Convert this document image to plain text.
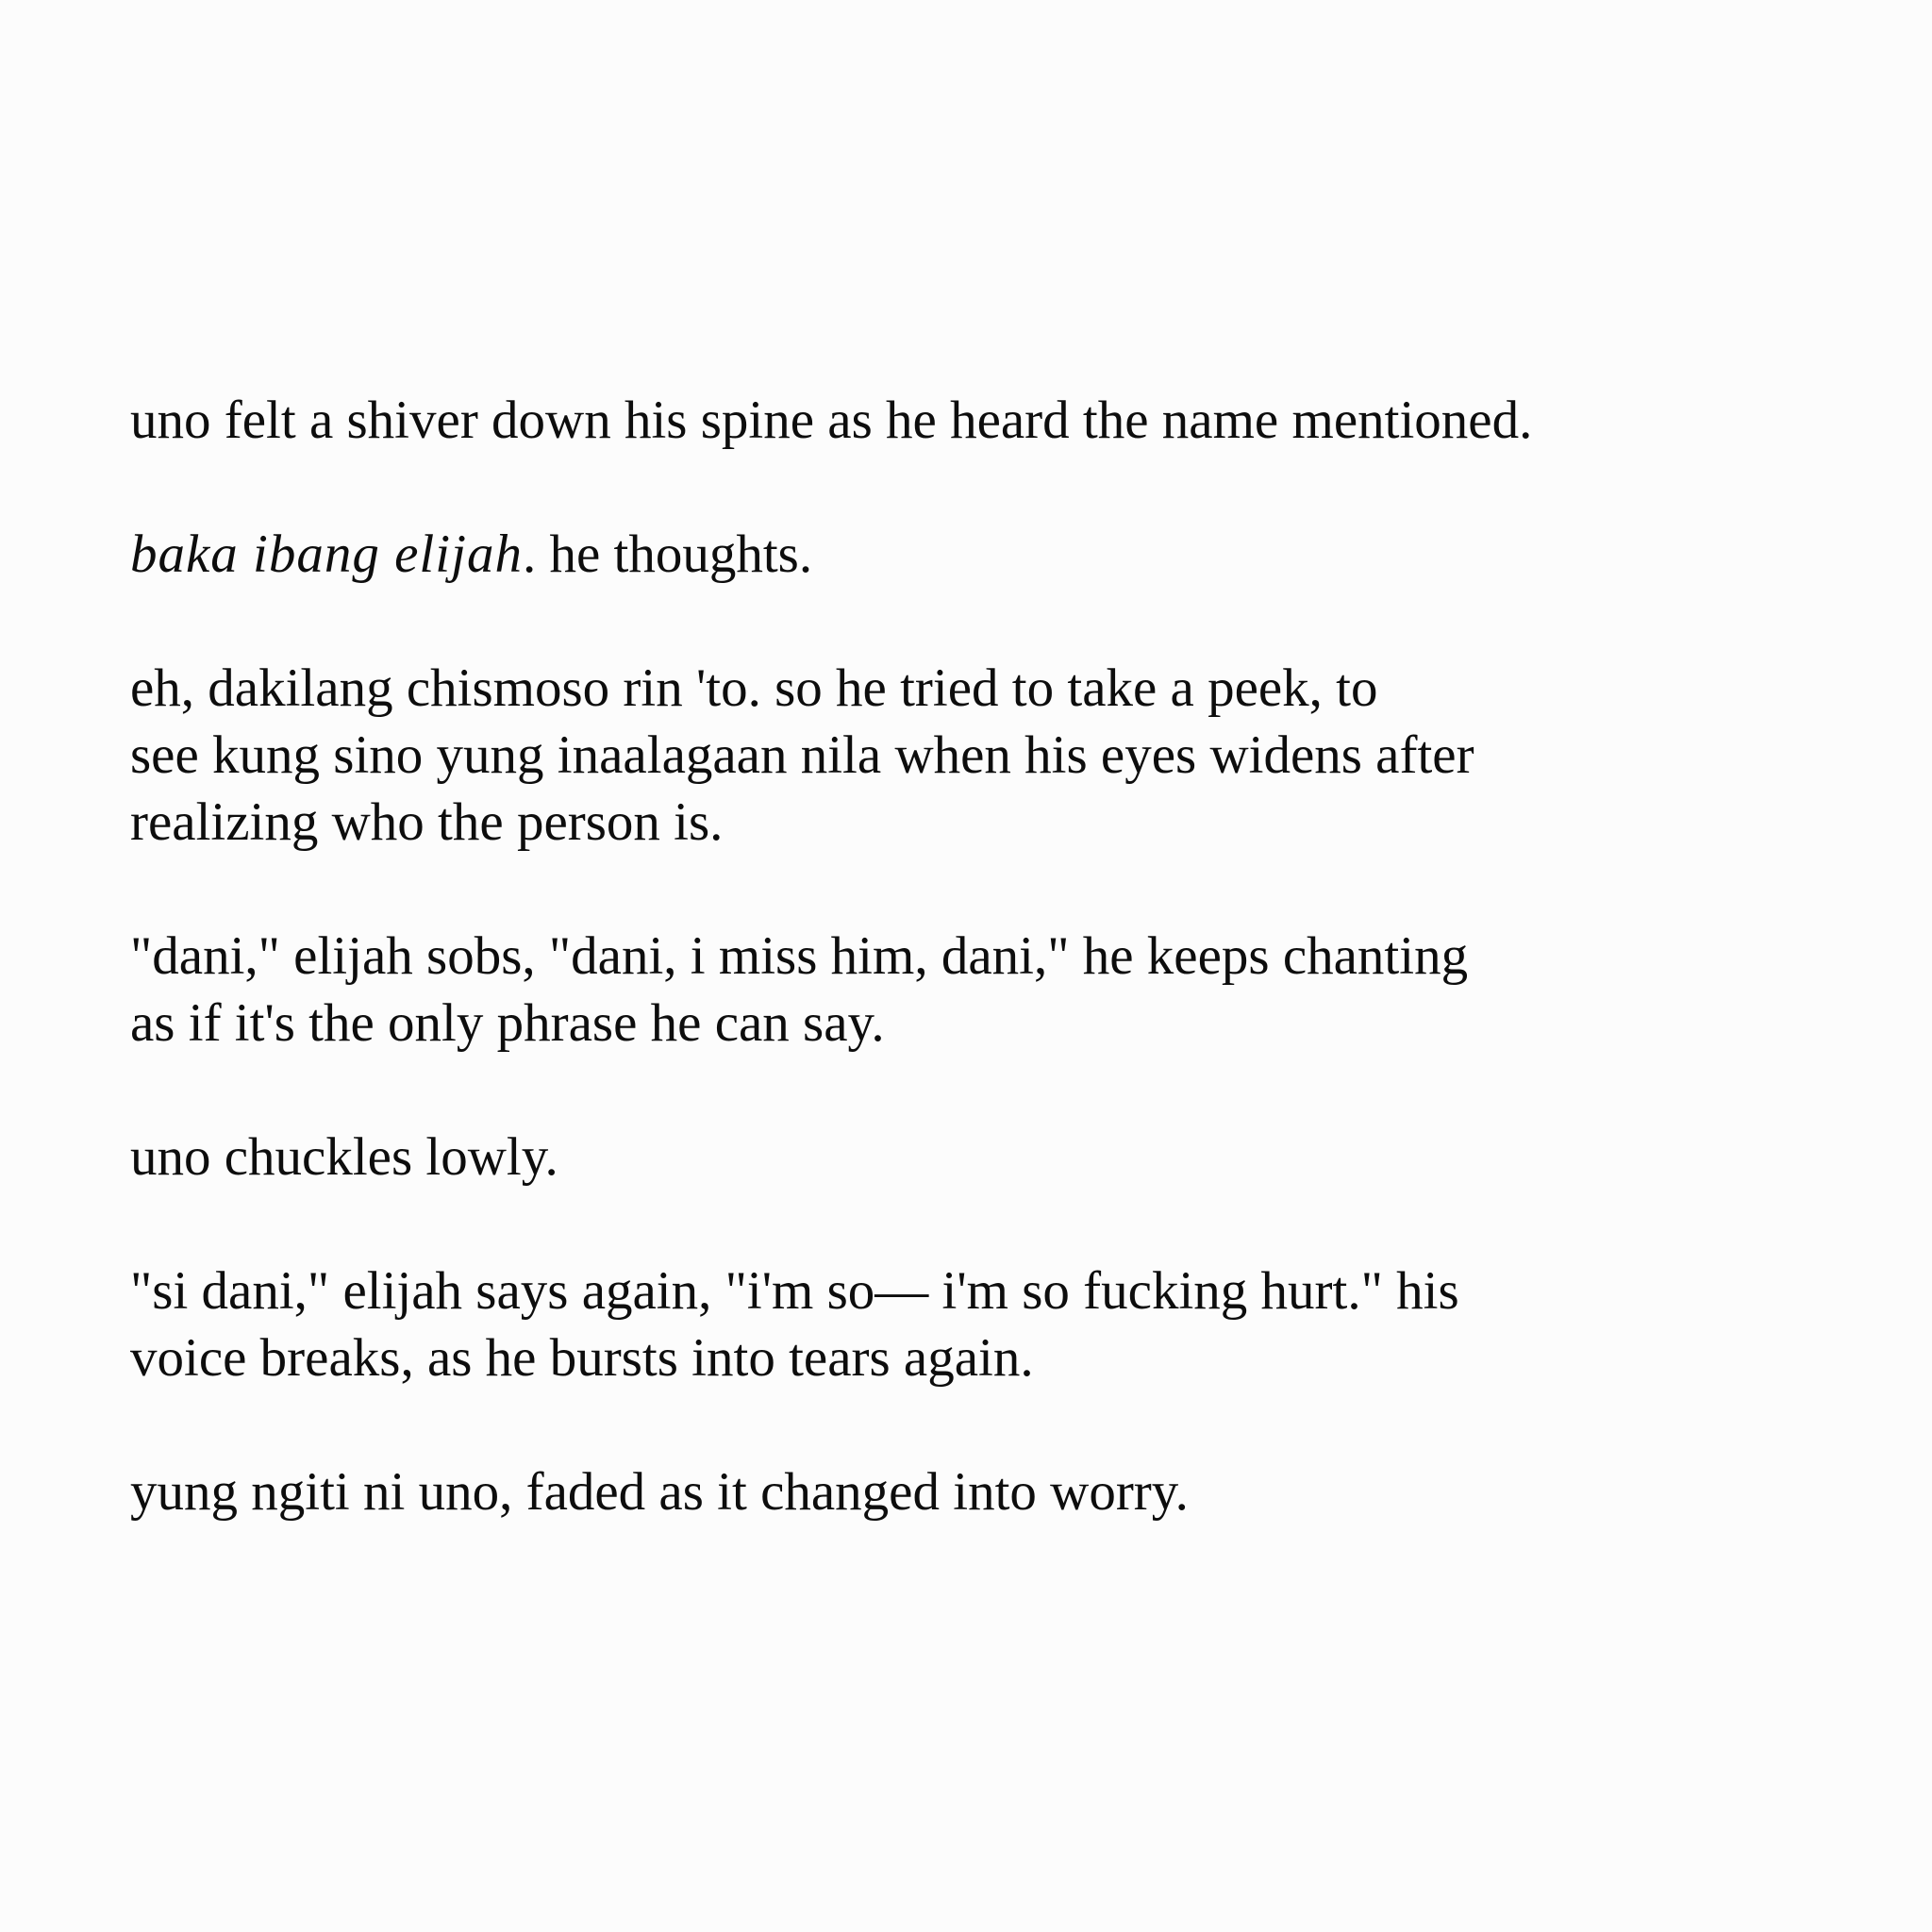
uno felt a shiver down his spine as he heard the name mentioned.

baka ibang elijah. he thoughts.

eh, dakilang chismoso rin 'to. so he tried to take a peek, to
see kung sino yung inaalagaan nila when his eyes widens after
realizing who the person is.

"dani," elijah sobs, "dani, i miss him, dani," he keeps chanting
as if it's the only phrase he can say.

uno chuckles lowly.

"si dani," elijah says again, "i'm so— i'm so fucking hurt." his
voice breaks, as he bursts into tears again.

yung ngiti ni uno, faded as it changed into worry.
